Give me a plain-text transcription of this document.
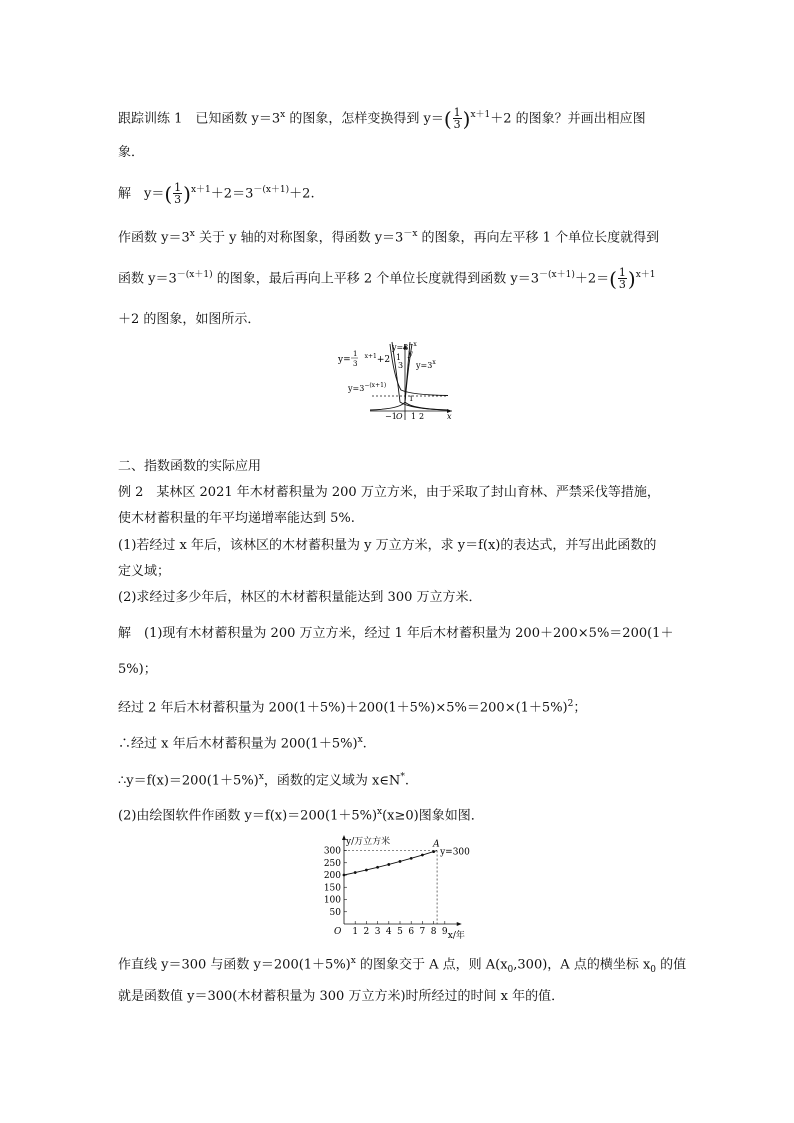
跟踪训练 1　已知函数 $y=3^x$ 的图象，怎样变换得到 $y=( \frac{1}{3} )^{x+1}+2$ 的图象？并画出相应图
象．
解　$y=( \frac{1}{3} )^{x+1}+2=3^{-(x+1)}+2$.
作函数 $y=3^x$ 关于 y 轴的对称图象，得函数 $y=3^{-x}$ 的图象，再向左平移 1 个单位长度就得到
函数 $y=3^{-(x+1)}$ 的图象，最后再向上平移 2 个单位长度就得到函数 $y=3^{-(x+1)}+2=( \frac{1}{3} )^{x+1}$
＋2 的图象，如图所示．
y= $^{x+1}$+2
1
3
1
3
$y=3^{-(x+1)}$
$y=3^{-x}$
$y=3^x$
y
x
O
−1 1 2
1
二、指数函数的实际应用
例 2　某林区 2021 年木材蓄积量为 200 万立方米，由于采取了封山育林、严禁采伐等措施，
使木材蓄积量的年平均递增率能达到 5%.
(1)若经过 x 年后，该林区的木材蓄积量为 y 万立方米，求 y＝f(x)的表达式，并写出此函数的
定义域；
(2)求经过多少年后，林区的木材蓄积量能达到 300 万立方米．
解　(1)现有木材蓄积量为 200 万立方米，经过 1 年后木材蓄积量为 200＋200×5%＝200(1＋
5%)；
经过 2 年后木材蓄积量为 $200(1+5\%)+200(1+5\%)\times 5\%=200\times(1+5\%)^2$；
∴经过 x 年后木材蓄积量为 $200(1+5\%)^x$.
$\therefore y=f(x)=200(1+5\%)^x$，函数的定义域为 x∈N*.
(2)由绘图软件作函数 $y=f(x)=200(1+5\%)^x(x\ge 0)$图象如图．
50
100
150
200
250
300
1 2 3 4 5 6 7 8 9
O
y/万立方米
x/年
y=300
A
作直线 y＝300 与函数 $y=200(1+5\%)^x$ 的图象交于 A 点，则 $A(x_0,300)$，A 点的横坐标 $x_0$ 的值
就是函数值 y＝300(木材蓄积量为 300 万立方米)时所经过的时间 x 年的值．
